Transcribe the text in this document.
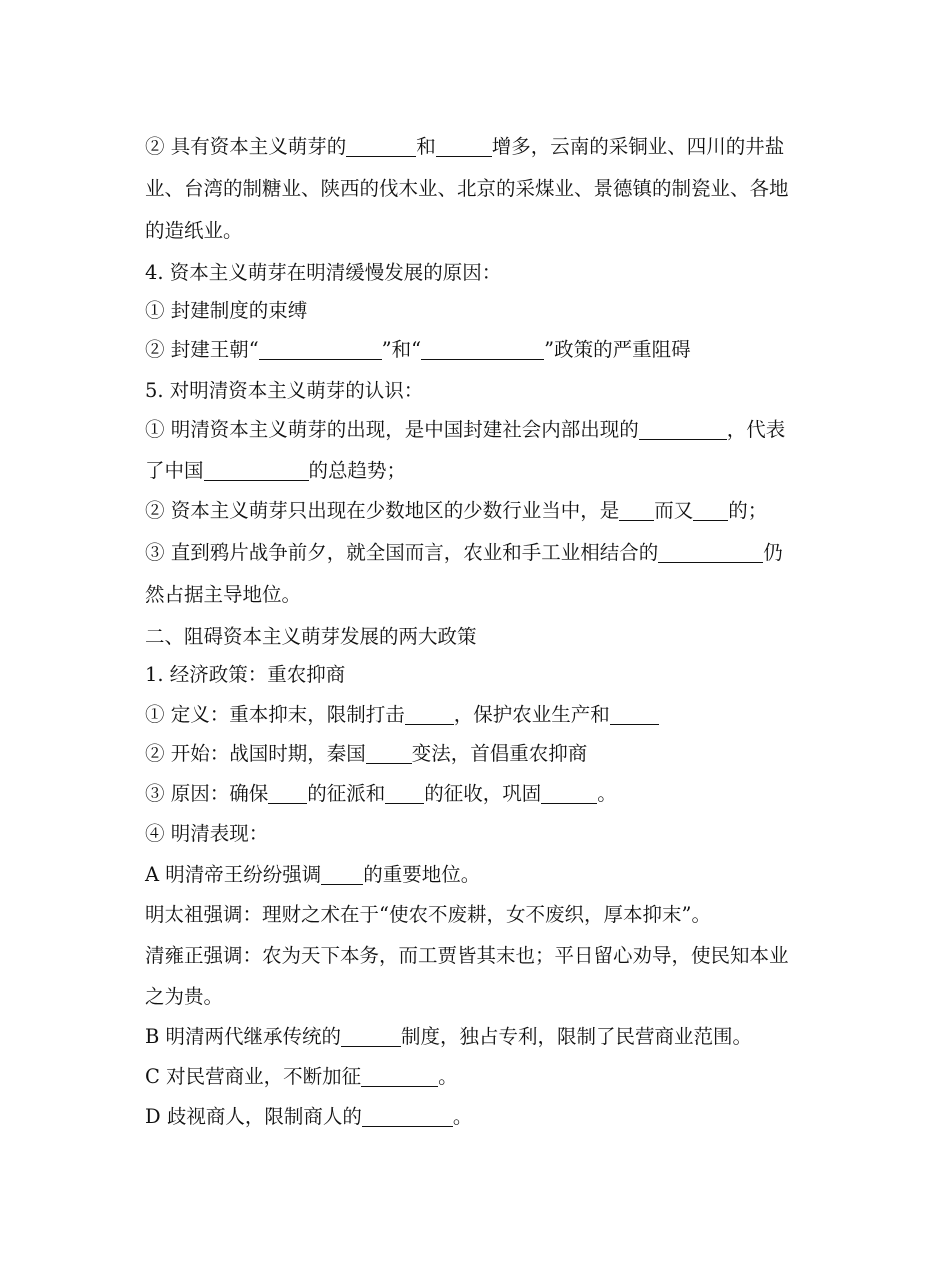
② 具有资本主义萌芽的	和	增多，云南的采铜业、四川的井盐
业、台湾的制糖业、陕西的伐木业、北京的采煤业、景德镇的制瓷业、各地
的造纸业。
4. 资本主义萌芽在明清缓慢发展的原因：
① 封建制度的束缚
② 封建王朝“	”和“	”政策的严重阻碍
5. 对明清资本主义萌芽的认识：
① 明清资本主义萌芽的出现，是中国封建社会内部出现的	，代表
了中国	的总趋势；
② 资本主义萌芽只出现在少数地区的少数行业当中，是 而又 的；
③ 直到鸦片战争前夕，就全国而言，农业和手工业相结合的	仍
然占据主导地位。
二、阻碍资本主义萌芽发展的两大政策
1. 经济政策：重农抑商
① 定义：重本抑末，限制打击	，保护农业生产和
② 开始：战国时期，秦国 变法，首倡重农抑商
③ 原因：确保 的征派和 的征收，巩固	。
④ 明清表现：
A 明清帝王纷纷强调 的重要地位。
明太祖强调：理财之术在于“使农不废耕，女不废织，厚本抑末”。
清雍正强调：农为天下本务，而工贾皆其末也；平日留心劝导，使民知本业
之为贵。
B 明清两代继承传统的	制度，独占专利，限制了民营商业范围。
C 对民营商业，不断加征	。
D 歧视商人，限制商人的	。
